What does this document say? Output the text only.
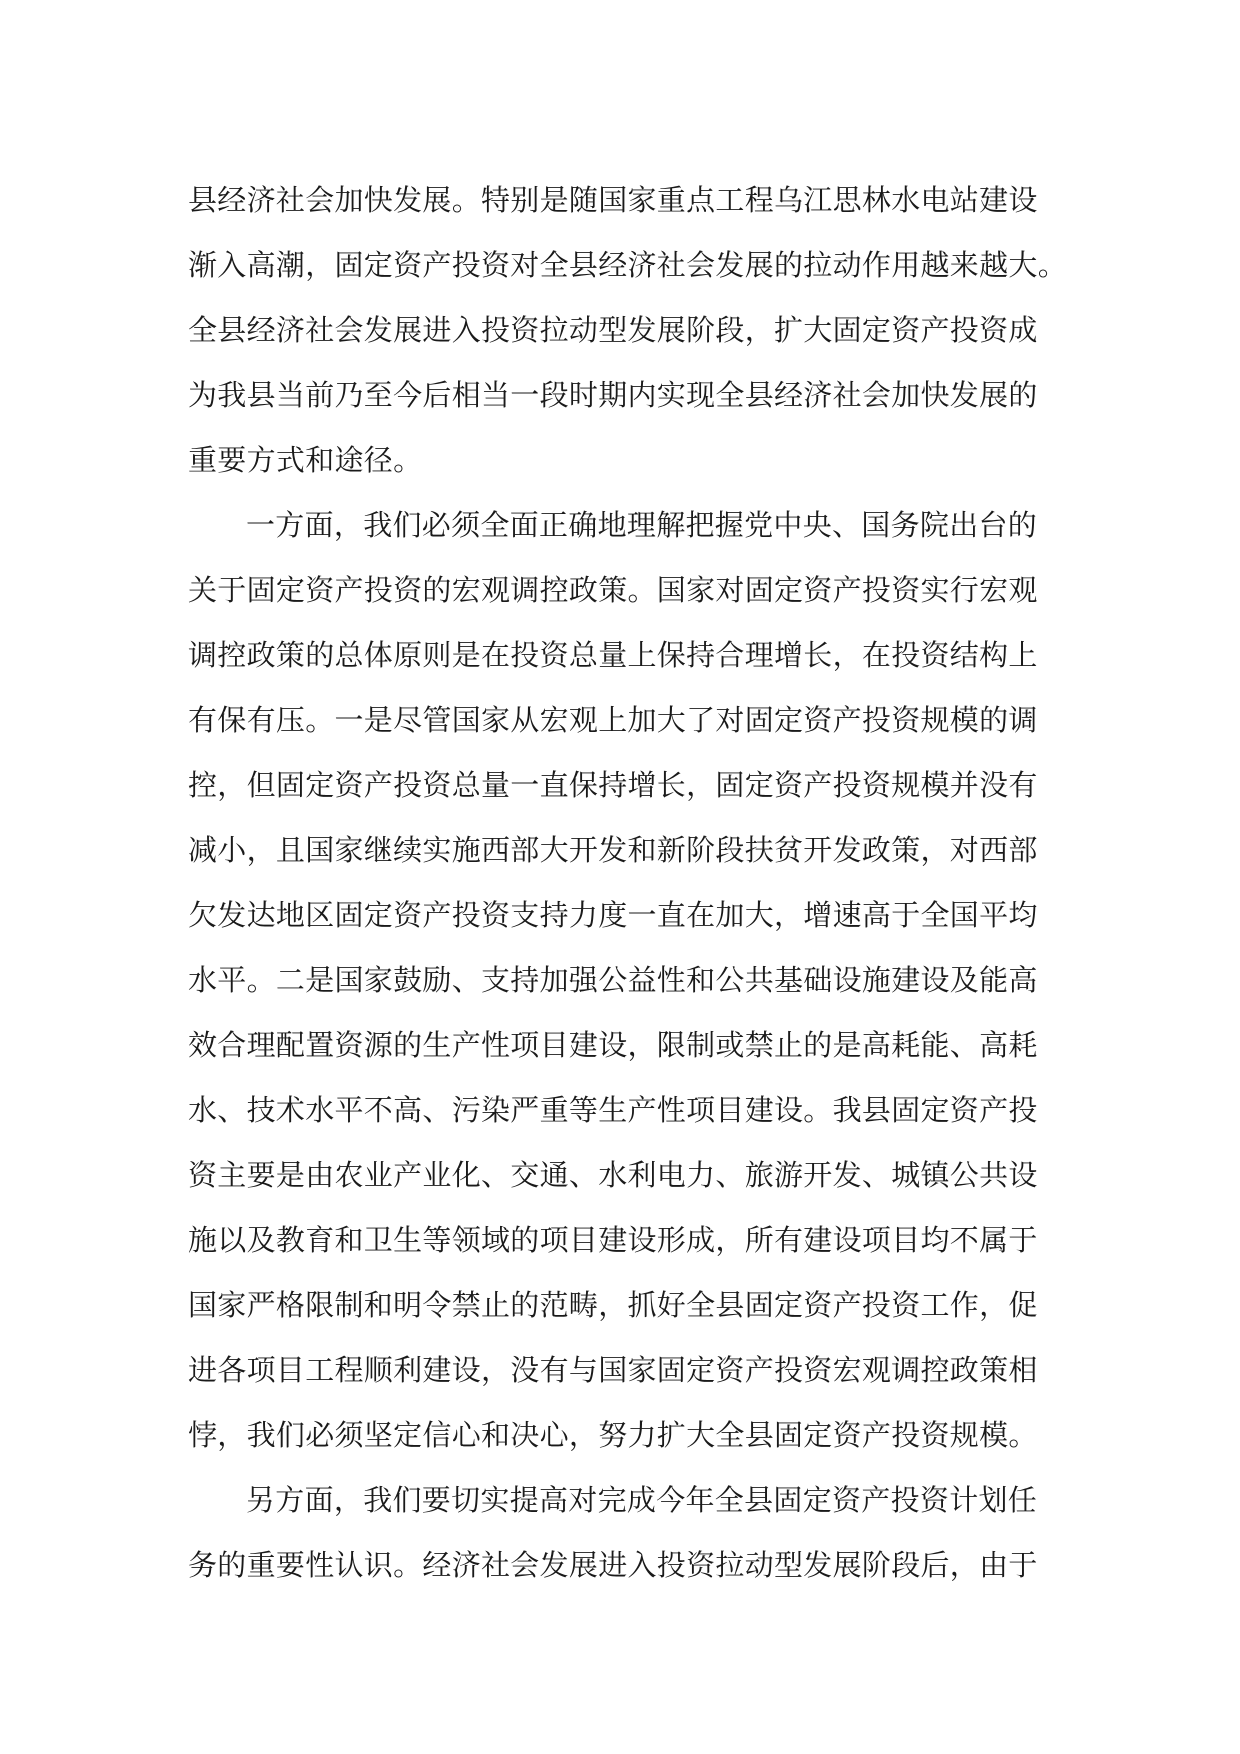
县经济社会加快发展。特别是随国家重点工程乌江思林水电站建设
渐入高潮，固定资产投资对全县经济社会发展的拉动作用越来越大。
全县经济社会发展进入投资拉动型发展阶段，扩大固定资产投资成
为我县当前乃至今后相当一段时期内实现全县经济社会加快发展的
重要方式和途径。
一方面，我们必须全面正确地理解把握党中央、国务院出台的
关于固定资产投资的宏观调控政策。国家对固定资产投资实行宏观
调控政策的总体原则是在投资总量上保持合理增长，在投资结构上
有保有压。一是尽管国家从宏观上加大了对固定资产投资规模的调
控，但固定资产投资总量一直保持增长，固定资产投资规模并没有
减小，且国家继续实施西部大开发和新阶段扶贫开发政策，对西部
欠发达地区固定资产投资支持力度一直在加大，增速高于全国平均
水平。二是国家鼓励、支持加强公益性和公共基础设施建设及能高
效合理配置资源的生产性项目建设，限制或禁止的是高耗能、高耗
水、技术水平不高、污染严重等生产性项目建设。我县固定资产投
资主要是由农业产业化、交通、水利电力、旅游开发、城镇公共设
施以及教育和卫生等领域的项目建设形成，所有建设项目均不属于
国家严格限制和明令禁止的范畴，抓好全县固定资产投资工作，促
进各项目工程顺利建设，没有与国家固定资产投资宏观调控政策相
悖，我们必须坚定信心和决心，努力扩大全县固定资产投资规模。
另方面，我们要切实提高对完成今年全县固定资产投资计划任
务的重要性认识。经济社会发展进入投资拉动型发展阶段后，由于
